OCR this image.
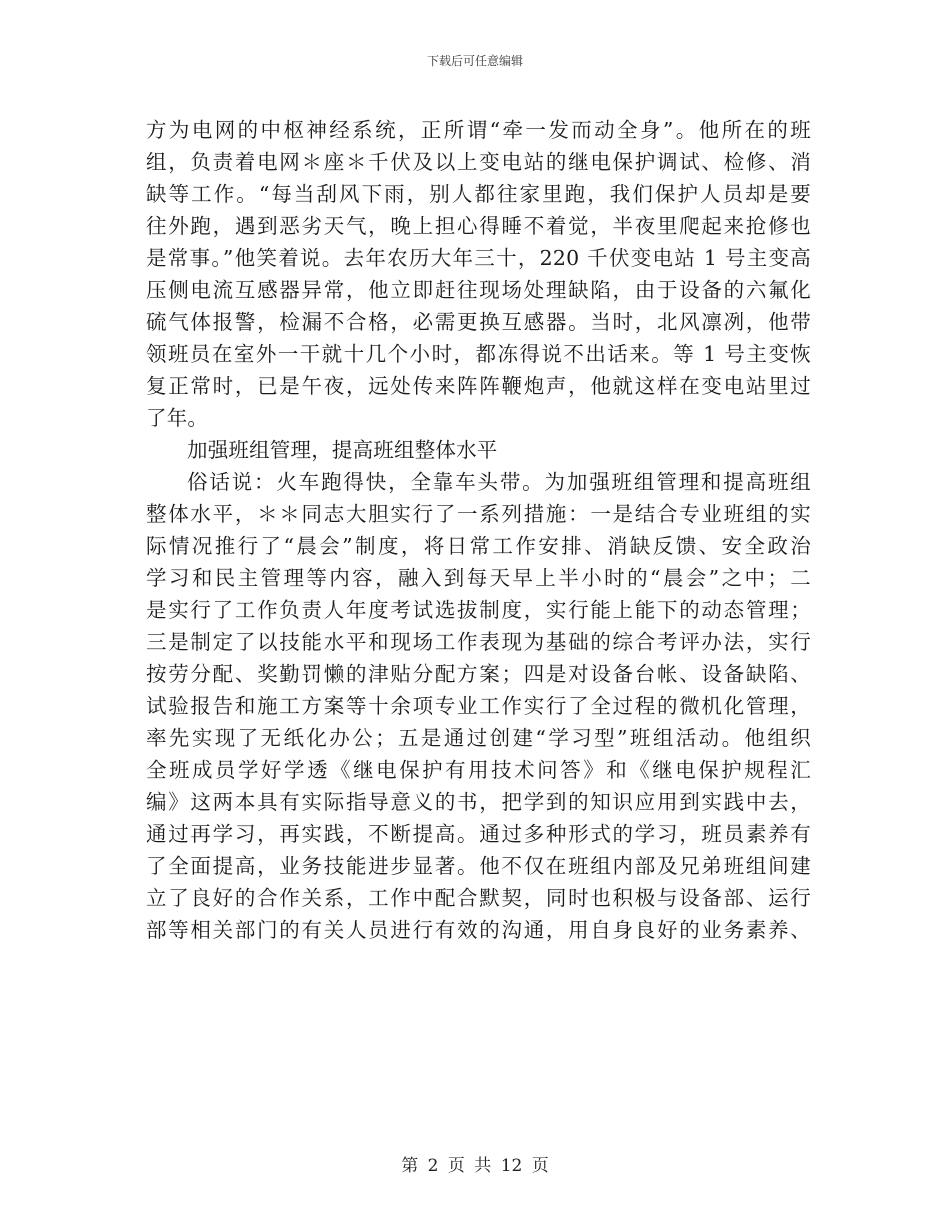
下载后可任意编辑
方为电网的中枢神经系统，正所谓“牵一发而动全身”。他所在的班
组，负责着电网＊座＊千伏及以上变电站的继电保护调试、检修、消
缺等工作。“每当刮风下雨，别人都往家里跑，我们保护人员却是要
往外跑，遇到恶劣天气，晚上担心得睡不着觉，半夜里爬起来抢修也
是常事。”他笑着说。去年农历大年三十，220 千伏变电站 1 号主变高
压侧电流互感器异常，他立即赶往现场处理缺陷，由于设备的六氟化
硫气体报警，检漏不合格，必需更换互感器。当时，北风凛冽，他带
领班员在室外一干就十几个小时，都冻得说不出话来。等 1 号主变恢
复正常时，已是午夜，远处传来阵阵鞭炮声，他就这样在变电站里过
了年。
加强班组管理，提高班组整体水平
俗话说：火车跑得快，全靠车头带。为加强班组管理和提高班组
整体水平，＊＊同志大胆实行了一系列措施：一是结合专业班组的实
际情况推行了“晨会”制度，将日常工作安排、消缺反馈、安全政治
学习和民主管理等内容，融入到每天早上半小时的“晨会”之中；二
是实行了工作负责人年度考试选拔制度，实行能上能下的动态管理；
三是制定了以技能水平和现场工作表现为基础的综合考评办法，实行
按劳分配、奖勤罚懒的津贴分配方案；四是对设备台帐、设备缺陷、
试验报告和施工方案等十余项专业工作实行了全过程的微机化管理，
率先实现了无纸化办公；五是通过创建“学习型”班组活动。他组织
全班成员学好学透《继电保护有用技术问答》和《继电保护规程汇
编》这两本具有实际指导意义的书，把学到的知识应用到实践中去，
通过再学习，再实践，不断提高。通过多种形式的学习，班员素养有
了全面提高，业务技能进步显著。他不仅在班组内部及兄弟班组间建
立了良好的合作关系，工作中配合默契，同时也积极与设备部、运行
部等相关部门的有关人员进行有效的沟通，用自身良好的业务素养、
第 2 页 共 12 页
